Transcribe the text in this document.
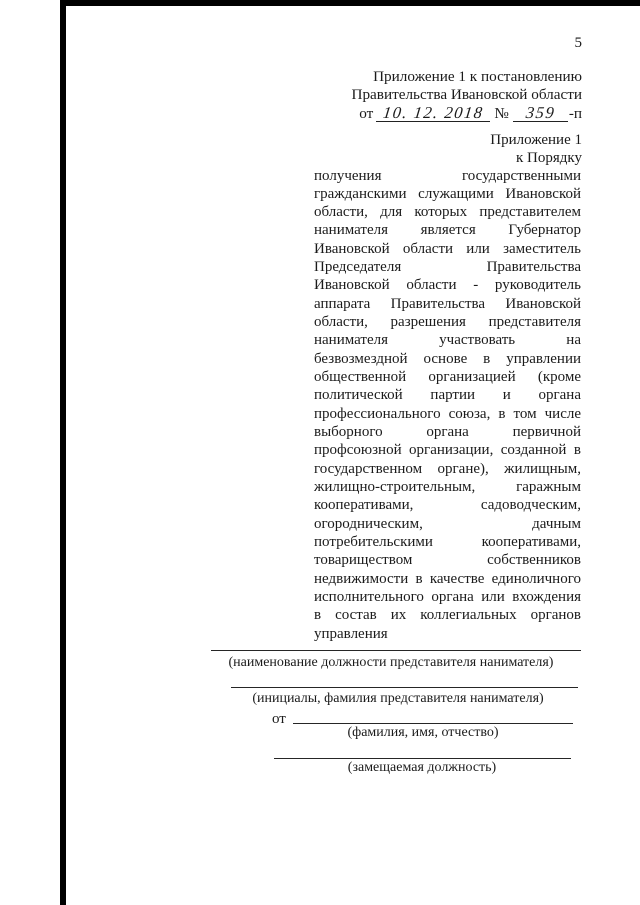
5
Приложение 1 к постановлению
Правительства Ивановской области
от 10. 12. 2018 № 359 -п
Приложение 1
к Порядку
получения государственными
гражданскими служащими Ивановской
области, для которых представителем
нанимателя является Губернатор
Ивановской области или заместитель
Председателя Правительства
Ивановской области - руководитель
аппарата Правительства Ивановской
области, разрешения представителя
нанимателя участвовать на
безвозмездной основе в управлении
общественной организацией (кроме
политической партии и органа
профессионального союза, в том числе
выборного органа первичной
профсоюзной организации, созданной в
государственном органе), жилищным,
жилищно-строительным, гаражным
кооперативами, садоводческим,
огородническим, дачным
потребительскими кооперативами,
товариществом собственников
недвижимости в качестве единоличного
исполнительного органа или вхождения
в состав их коллегиальных органов
управления
(наименование должности представителя нанимателя)
(инициалы, фамилия представителя нанимателя)
от
(фамилия, имя, отчество)
(замещаемая должность)
